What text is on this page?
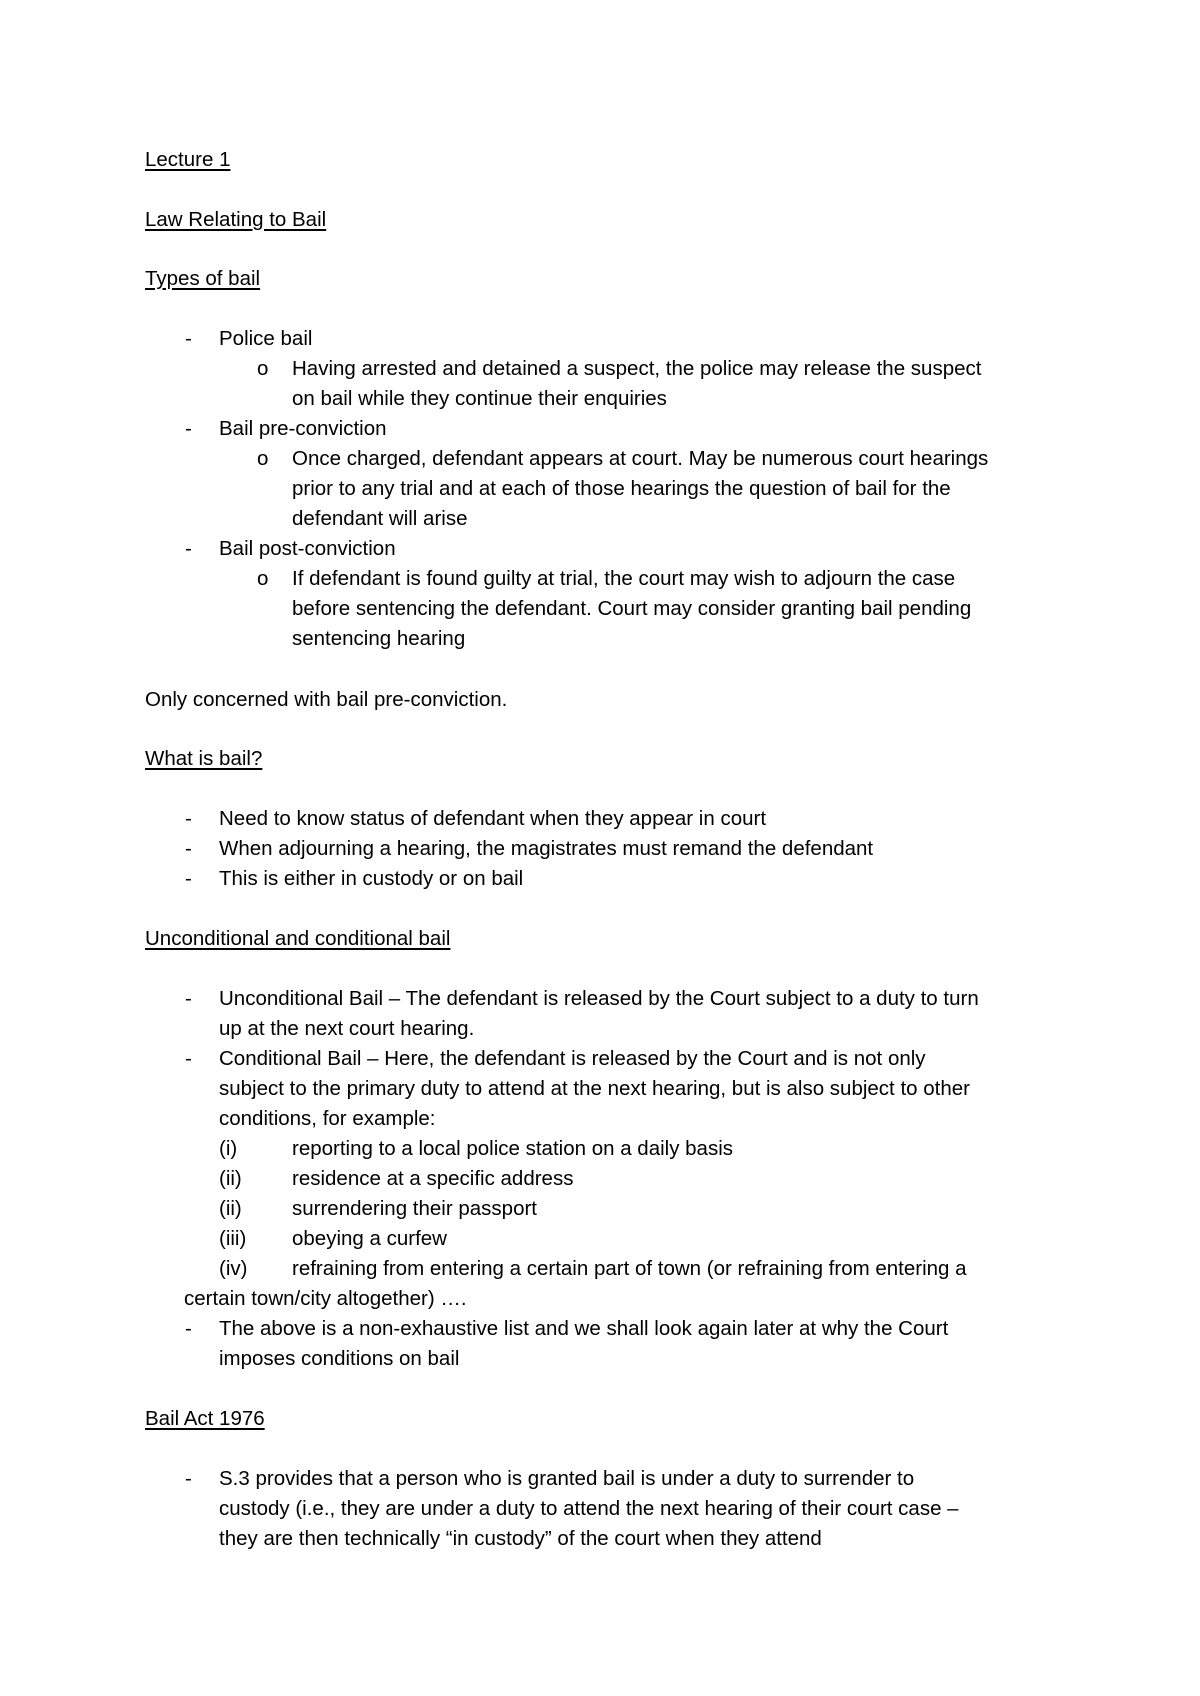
Lecture 1
Law Relating to Bail
Types of bail
- Police bail
o Having arrested and detained a suspect, the police may release the suspect
on bail while they continue their enquiries
- Bail pre-conviction
o Once charged, defendant appears at court. May be numerous court hearings
prior to any trial and at each of those hearings the question of bail for the
defendant will arise
- Bail post-conviction
o If defendant is found guilty at trial, the court may wish to adjourn the case
before sentencing the defendant. Court may consider granting bail pending
sentencing hearing
Only concerned with bail pre-conviction.
What is bail?
- Need to know status of defendant when they appear in court
- When adjourning a hearing, the magistrates must remand the defendant
- This is either in custody or on bail
Unconditional and conditional bail
- Unconditional Bail – The defendant is released by the Court subject to a duty to turn
up at the next court hearing.
- Conditional Bail – Here, the defendant is released by the Court and is not only
subject to the primary duty to attend at the next hearing, but is also subject to other
conditions, for example:
(i)	reporting to a local police station on a daily basis
(ii) residence at a specific address
(ii) surrendering their passport
(iii) obeying a curfew
(iv) refraining from entering a certain part of town (or refraining from entering a
certain town/city altogether) ….
- The above is a non-exhaustive list and we shall look again later at why the Court
imposes conditions on bail
Bail Act 1976
- S.3 provides that a person who is granted bail is under a duty to surrender to
custody (i.e., they are under a duty to attend the next hearing of their court case –
they are then technically “in custody” of the court when they attend
